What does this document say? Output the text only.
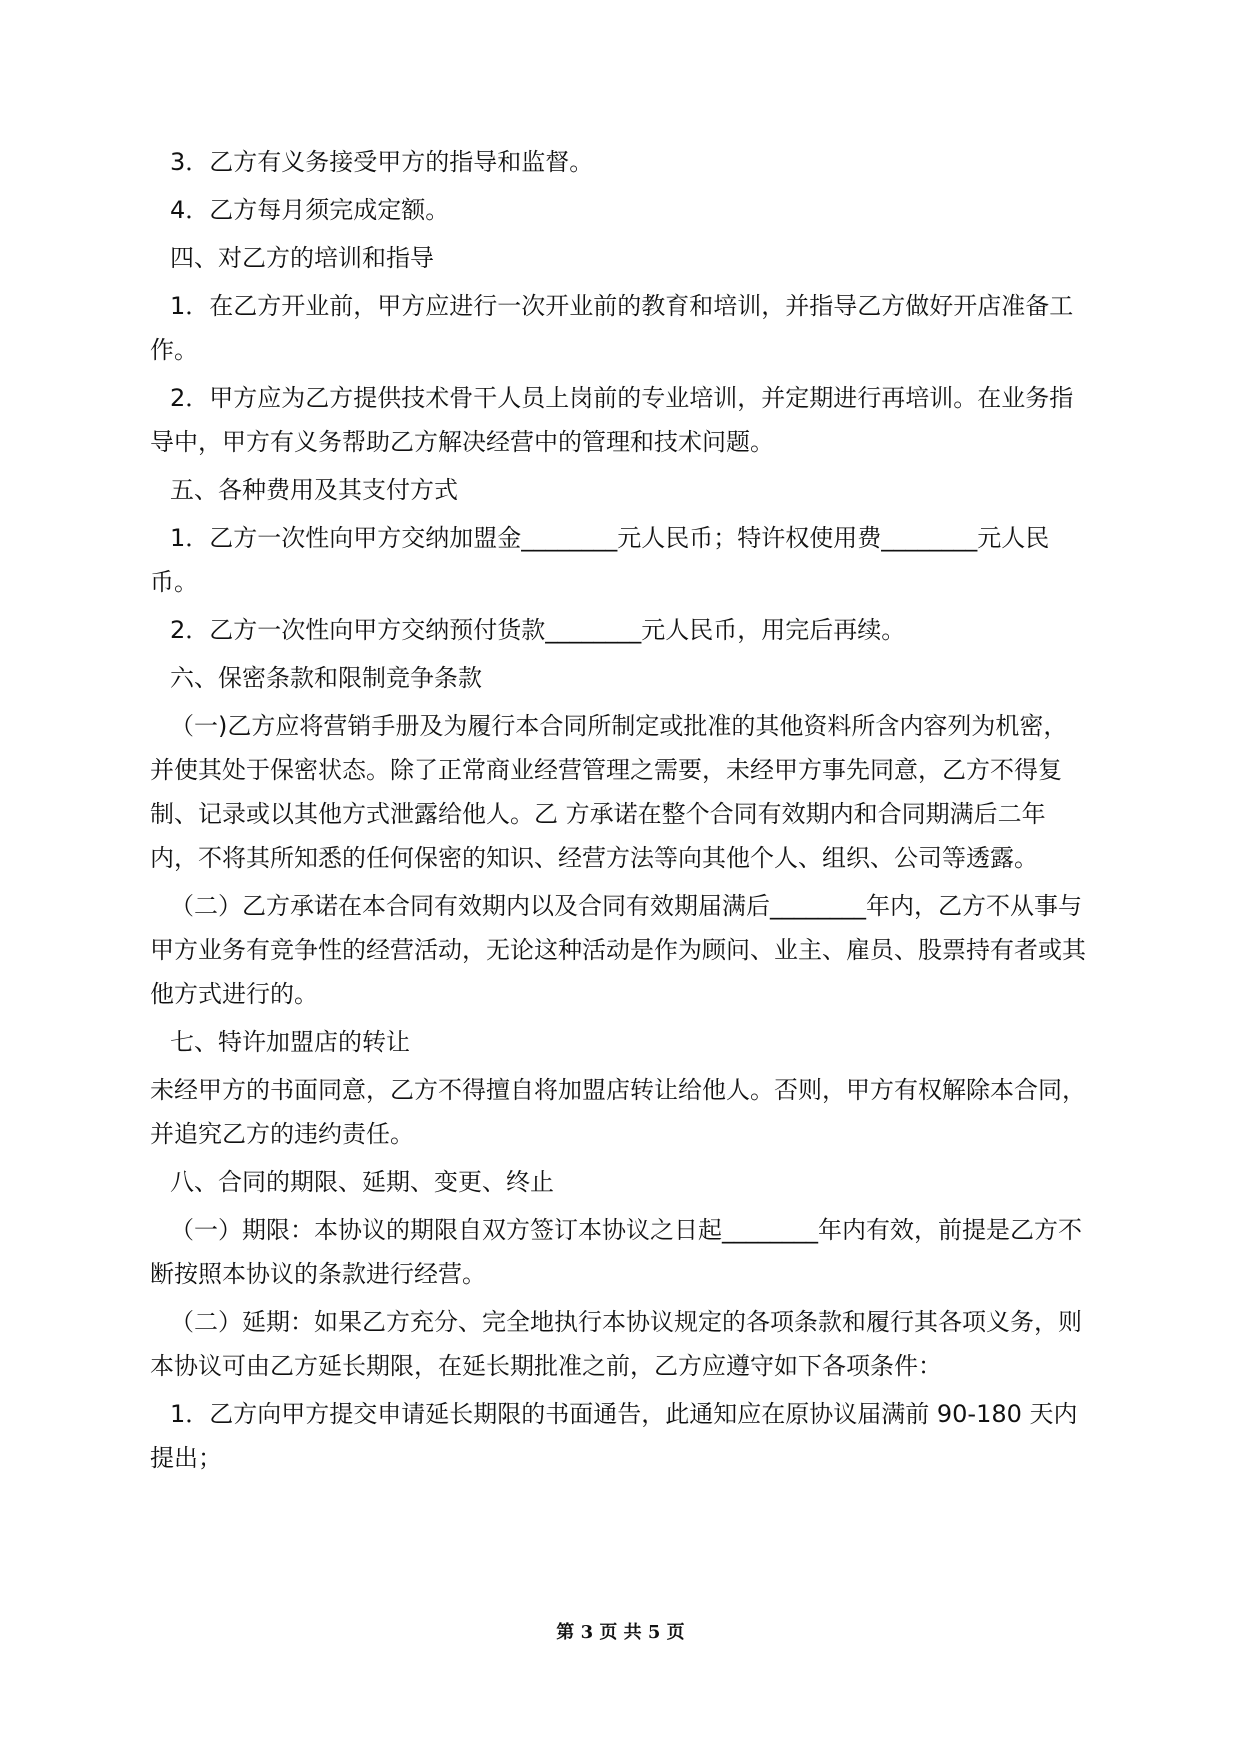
3．乙方有义务接受甲方的指导和监督。

4．乙方每月须完成定额。

四、对乙方的培训和指导

1．在乙方开业前，甲方应进行一次开业前的教育和培训，并指导乙方做好开店准备工作。

2．甲方应为乙方提供技术骨干人员上岗前的专业培训，并定期进行再培训。在业务指导中，甲方有义务帮助乙方解决经营中的管理和技术问题。

五、各种费用及其支付方式

1．乙方一次性向甲方交纳加盟金________元人民币；特许权使用费________元人民币。

2．乙方一次性向甲方交纳预付货款________元人民币，用完后再续。

六、保密条款和限制竞争条款

（一)乙方应将营销手册及为履行本合同所制定或批准的其他资料所含内容列为机密，并使其处于保密状态。除了正常商业经营管理之需要，未经甲方事先同意，乙方不得复制、记录或以其他方式泄露给他人。乙 方承诺在整个合同有效期内和合同期满后二年内，不将其所知悉的任何保密的知识、经营方法等向其他个人、组织、公司等透露。

（二）乙方承诺在本合同有效期内以及合同有效期届满后________年内，乙方不从事与甲方业务有竞争性的经营活动，无论这种活动是作为顾问、业主、雇员、股票持有者或其他方式进行的。

七、特许加盟店的转让

未经甲方的书面同意，乙方不得擅自将加盟店转让给他人。否则，甲方有权解除本合同，并追究乙方的违约责任。

八、合同的期限、延期、变更、终止

（一）期限：本协议的期限自双方签订本协议之日起________年内有效，前提是乙方不断按照本协议的条款进行经营。

（二）延期：如果乙方充分、完全地执行本协议规定的各项条款和履行其各项义务，则本协议可由乙方延长期限，在延长期批准之前，乙方应遵守如下各项条件：

1．乙方向甲方提交申请延长期限的书面通告，此通知应在原协议届满前 90-180 天内提出；

第 3 页 共 5 页
